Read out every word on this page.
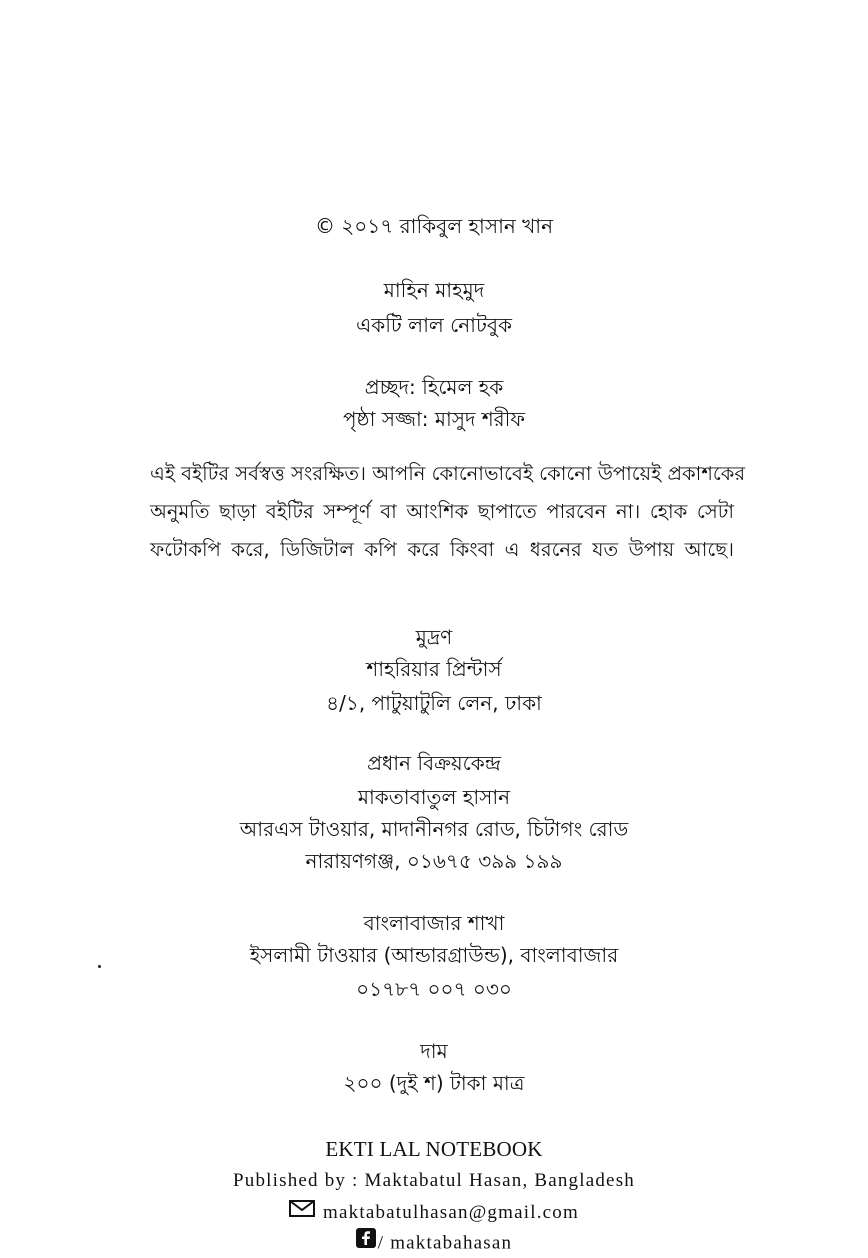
© ২০১৭ রাকিবুল হাসান খান
মাহিন মাহমুদ
একটি লাল নোটবুক
প্রচ্ছদ: হিমেল হক
পৃষ্ঠা সজ্জা: মাসুদ শরীফ
এই বইটির সর্বস্বত্ত সংরক্ষিত। আপনি কোনোভাবেই কোনো উপায়েই প্রকাশকের
অনুমতি ছাড়া বইটির সম্পূর্ণ বা আংশিক ছাপাতে পারবেন না। হোক সেটা
ফটোকপি করে, ডিজিটাল কপি করে কিংবা এ ধরনের যত উপায় আছে।
মুদ্রণ
শাহরিয়ার প্রিন্টার্স
৪/১, পাটুয়াটুলি লেন, ঢাকা
প্রধান বিক্রয়কেন্দ্র
মাকতাবাতুল হাসান
আরএস টাওয়ার, মাদানীনগর রোড, চিটাগং রোড
নারায়ণগঞ্জ, ০১৬৭৫ ৩৯৯ ১৯৯
বাংলাবাজার শাখা
ইসলামী টাওয়ার (আন্ডারগ্রাউন্ড), বাংলাবাজার
০১৭৮৭ ০০৭ ০৩০
দাম
২০০ (দুই শ) টাকা মাত্র
EKTI LAL NOTEBOOK
Published by : Maktabatul Hasan, Bangladesh
maktabatulhasan@gmail.com
/ maktabahasan
